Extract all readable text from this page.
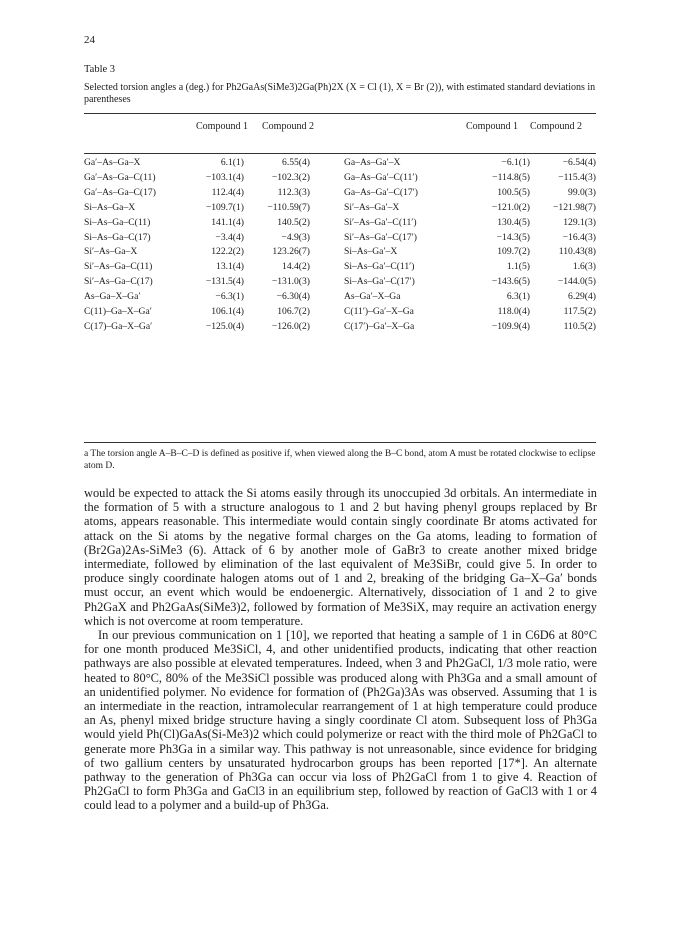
24
Table 3
Selected torsion angles a (deg.) for Ph2GaAs(SiMe3)2Ga(Ph)2X (X = Cl (1), X = Br (2)), with estimated standard deviations in parentheses
Compound 1	Compound 2	Compound 1	Compound 2
Ga′–As–Ga–X	6.1(1)	6.55(4)		Ga–As–Ga′–X	−6.1(1)	−6.54(4)
Ga′–As–Ga–C(11)	−103.1(4)	−102.3(2)		Ga–As–Ga′–C(11′)	−114.8(5)	−115.4(3)
Ga′–As–Ga–C(17)	112.4(4)	112.3(3)		Ga–As–Ga′–C(17′)	100.5(5)	99.0(3)
Si–As–Ga–X	−109.7(1)	−110.59(7)		Si′–As–Ga′–X	−121.0(2)	−121.98(7)
Si–As–Ga–C(11)	141.1(4)	140.5(2)		Si′–As–Ga′–C(11′)	130.4(5)	129.1(3)
Si–As–Ga–C(17)	−3.4(4)	−4.9(3)		Si′–As–Ga′–C(17′)	−14.3(5)	−16.4(3)
Si′–As–Ga–X	122.2(2)	123.26(7)		Si–As–Ga′–X	109.7(2)	110.43(8)
Si′–As–Ga–C(11)	13.1(4)	14.4(2)		Si–As–Ga′–C(11′)	1.1(5)	1.6(3)
Si′–As–Ga–C(17)	−131.5(4)	−131.0(3)		Si–As–Ga′–C(17′)	−143.6(5)	−144.0(5)
As–Ga–X–Ga′	−6.3(1)	−6.30(4)		As–Ga′–X–Ga	6.3(1)	6.29(4)
C(11)–Ga–X–Ga′	106.1(4)	106.7(2)		C(11′)–Ga′–X–Ga	118.0(4)	117.5(2)
C(17)–Ga–X–Ga′	−125.0(4)	−126.0(2)		C(17′)–Ga′–X–Ga	−109.9(4)	110.5(2)
a The torsion angle A–B–C–D is defined as positive if, when viewed along the B–C bond, atom A must be rotated clockwise to eclipse atom D.

would be expected to attack the Si atoms easily through its unoccupied 3d orbitals. An intermediate in the formation of 5 with a structure analogous to 1 and 2 but having phenyl groups replaced by Br atoms, appears reasonable. This intermediate would contain singly coordinate Br atoms activated for attack on the Si atoms by the negative formal charges on the Ga atoms, leading to formation of (Br2Ga)2As-SiMe3 (6). Attack of 6 by another mole of GaBr3 to create another mixed bridge intermediate, followed by elimination of the last equivalent of Me3SiBr, could give 5. In order to produce singly coordinate halogen atoms out of 1 and 2, breaking of the bridging Ga–X–Ga′ bonds must occur, an event which would be endoenergic. Alternatively, dissociation of 1 and 2 to give Ph2GaX and Ph2GaAs(SiMe3)2, followed by formation of Me3SiX, may require an activation energy which is not overcome at room temperature.

In our previous communication on 1 [10], we reported that heating a sample of 1 in C6D6 at 80°C for one month produced Me3SiCl, 4, and other unidentified products, indicating that other reaction pathways are also possible at elevated temperatures. Indeed, when 3 and Ph2GaCl, 1/3 mole ratio, were heated to 80°C, 80% of the Me3SiCl possible was produced along with Ph3Ga and a small amount of an unidentified polymer. No evidence for formation of (Ph2Ga)3As was observed. Assuming that 1 is an intermediate in the reaction, intramolecular rearrangement of 1 at high temperature could produce an As, phenyl mixed bridge structure having a singly coordinate Cl atom. Subsequent loss of Ph3Ga would yield Ph(Cl)GaAs(Si-Me3)2 which could polymerize or react with the third mole of Ph2GaCl to generate more Ph3Ga in a similar way. This pathway is not unreasonable, since evidence for bridging of two gallium centers by unsaturated hydrocarbon groups has been reported [17*]. An alternate pathway to the generation of Ph3Ga can occur via loss of Ph2GaCl from 1 to give 4. Reaction of Ph2GaCl to form Ph3Ga and GaCl3 in an equilibrium step, followed by reaction of GaCl3 with 1 or 4 could lead to a polymer and a build-up of Ph3Ga.
